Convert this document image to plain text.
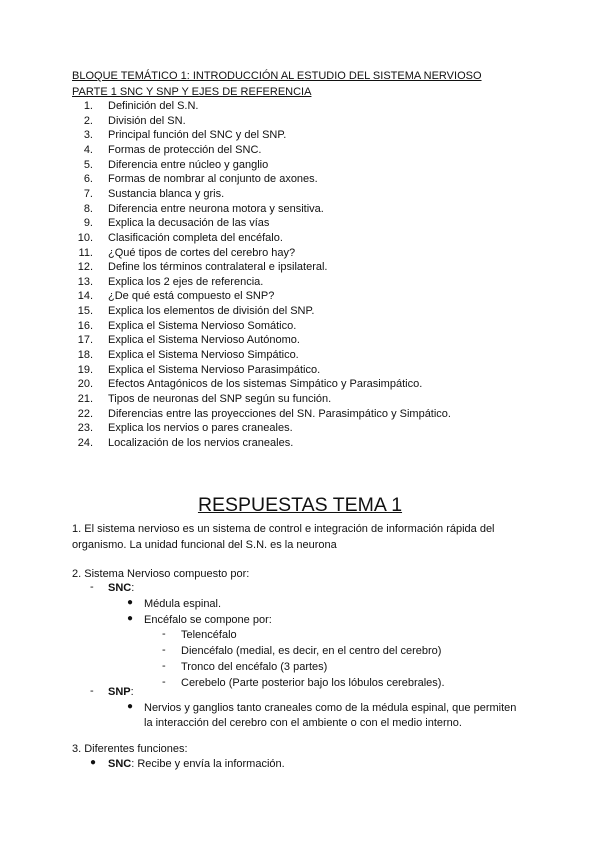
BLOQUE TEMÁTICO 1: INTRODUCCIÓN AL ESTUDIO DEL SISTEMA NERVIOSO
PARTE 1 SNC Y SNP Y EJES DE REFERENCIA
1. Definición del S.N.
2. División del SN.
3. Principal función del SNC y del SNP.
4. Formas de protección del SNC.
5. Diferencia entre núcleo y ganglio
6. Formas de nombrar al conjunto de axones.
7. Sustancia blanca y gris.
8. Diferencia entre neurona motora y sensitiva.
9. Explica la decusación de las vías
10. Clasificación completa del encéfalo.
11. ¿Qué tipos de cortes del cerebro hay?
12. Define los términos contralateral e ipsilateral.
13. Explica los 2 ejes de referencia.
14. ¿De qué está compuesto el SNP?
15. Explica los elementos de división del SNP.
16. Explica el Sistema Nervioso Somático.
17. Explica el Sistema Nervioso Autónomo.
18. Explica el Sistema Nervioso Simpático.
19. Explica el Sistema Nervioso Parasimpático.
20. Efectos Antagónicos de los sistemas Simpático y Parasimpático.
21. Tipos de neuronas del SNP según su función.
22. Diferencias entre las proyecciones del SN. Parasimpático y Simpático.
23. Explica los nervios o pares craneales.
24. Localización de los nervios craneales.
RESPUESTAS TEMA 1
1. El sistema nervioso es un sistema de control e integración de información rápida del
organismo. La unidad funcional del S.N. es la neurona
2. Sistema Nervioso compuesto por:
- SNC:
● Médula espinal.
● Encéfalo se compone por:
- Telencéfalo
- Diencéfalo (medial, es decir, en el centro del cerebro)
- Tronco del encéfalo (3 partes)
- Cerebelo (Parte posterior bajo los lóbulos cerebrales).
- SNP:
● Nervios y ganglios tanto craneales como de la médula espinal, que permiten
la interacción del cerebro con el ambiente o con el medio interno.
3. Diferentes funciones:
● SNC: Recibe y envía la información.
